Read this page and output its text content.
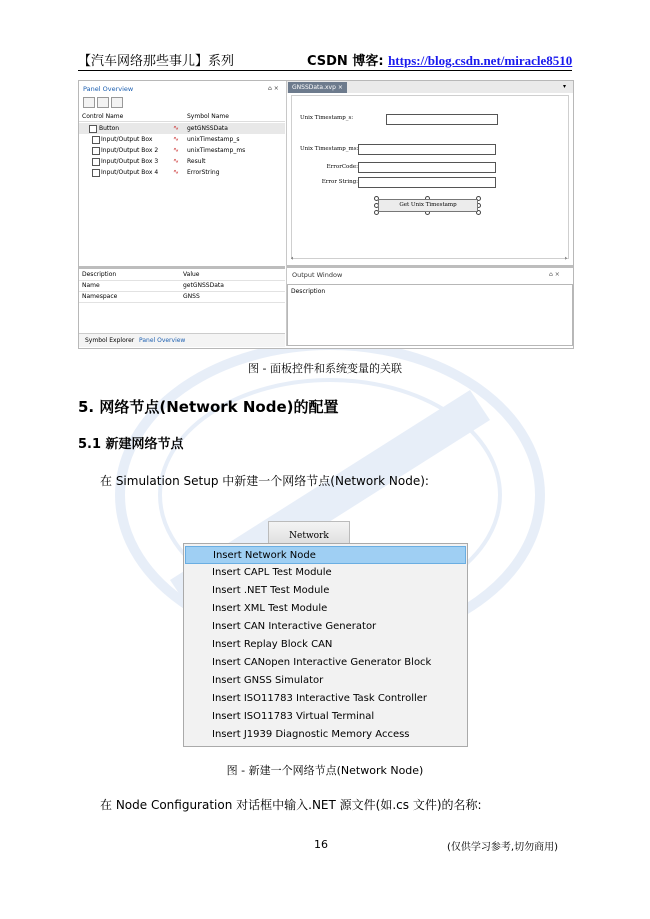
【汽车网络那些事儿】系列	CSDN 博客: https://blog.csdn.net/miracle8510
Panel Overview	⌂ ×
Control Name	Symbol Name
Button	∿ getGNSSData
Input/Output Box	∿ unixTimestamp_s
Input/Output Box 2 ∿ unixTimestamp_ms
Input/Output Box 3 ∿ Result
Input/Output Box 4 ∿ ErrorString
Description	Value
Name	getGNSSData
Namespace	GNSS
Symbol Explorer Panel Overview
GNSSData.xvp ×	▾
Unix Timestamp_s:
Unix Timestamp_ms:
ErrorCode:
Error String:
Get Unix Timestamp
‹	›
Output Window	⌂ ×
Description
图 - 面板控件和系统变量的关联
5. 网络节点(Network Node)的配置
5.1 新建网络节点
在 Simulation Setup 中新建一个网络节点(Network Node):
Network
Insert Network Node
Insert CAPL Test Module
Insert .NET Test Module
Insert XML Test Module
Insert CAN Interactive Generator
Insert Replay Block CAN
Insert CANopen Interactive Generator Block
Insert GNSS Simulator
Insert ISO11783 Interactive Task Controller
Insert ISO11783 Virtual Terminal
Insert J1939 Diagnostic Memory Access
图 - 新建一个网络节点(Network Node)
在 Node Configuration 对话框中输入.NET 源文件(如.cs 文件)的名称:
16	(仅供学习参考,切勿商用)
